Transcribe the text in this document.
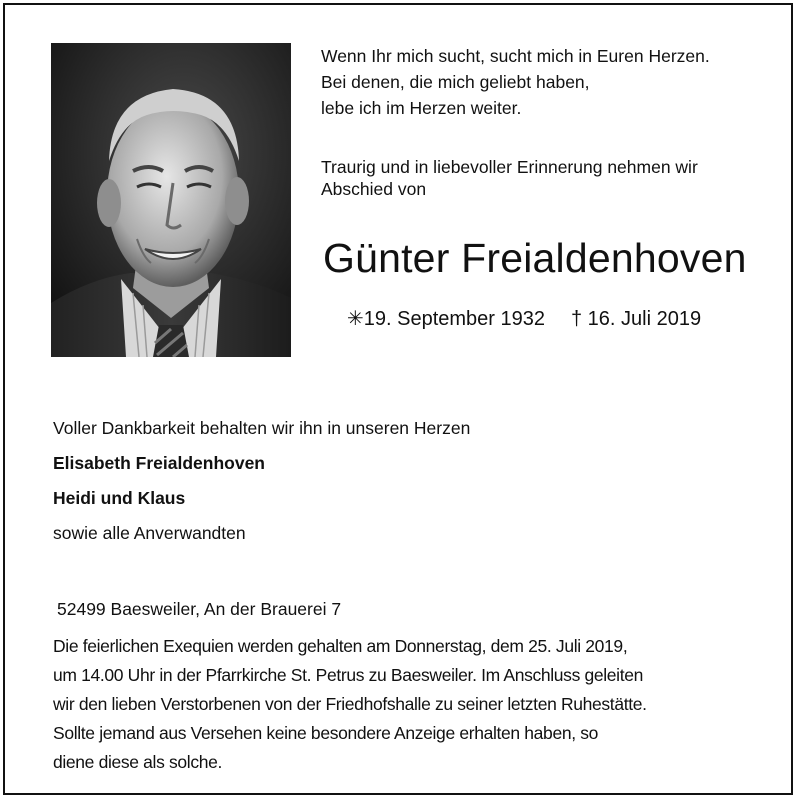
Wenn Ihr mich sucht, sucht mich in Euren Herzen.
Bei denen, die mich geliebt haben,
lebe ich im Herzen weiter.
Traurig und in liebevoller Erinnerung nehmen wir
Abschied von
Günter Freialdenhoven
✳19. September 1932 † 16. Juli 2019
Voller Dankbarkeit behalten wir ihn in unseren Herzen
Elisabeth Freialdenhoven
Heidi und Klaus
sowie alle Anverwandten
52499 Baesweiler, An der Brauerei 7
Die feierlichen Exequien werden gehalten am Donnerstag, dem 25. Juli 2019,
um 14.00 Uhr in der Pfarrkirche St. Petrus zu Baesweiler. Im Anschluss geleiten
wir den lieben Verstorbenen von der Friedhofshalle zu seiner letzten Ruhestätte.
Sollte jemand aus Versehen keine besondere Anzeige erhalten haben, so
diene diese als solche.
